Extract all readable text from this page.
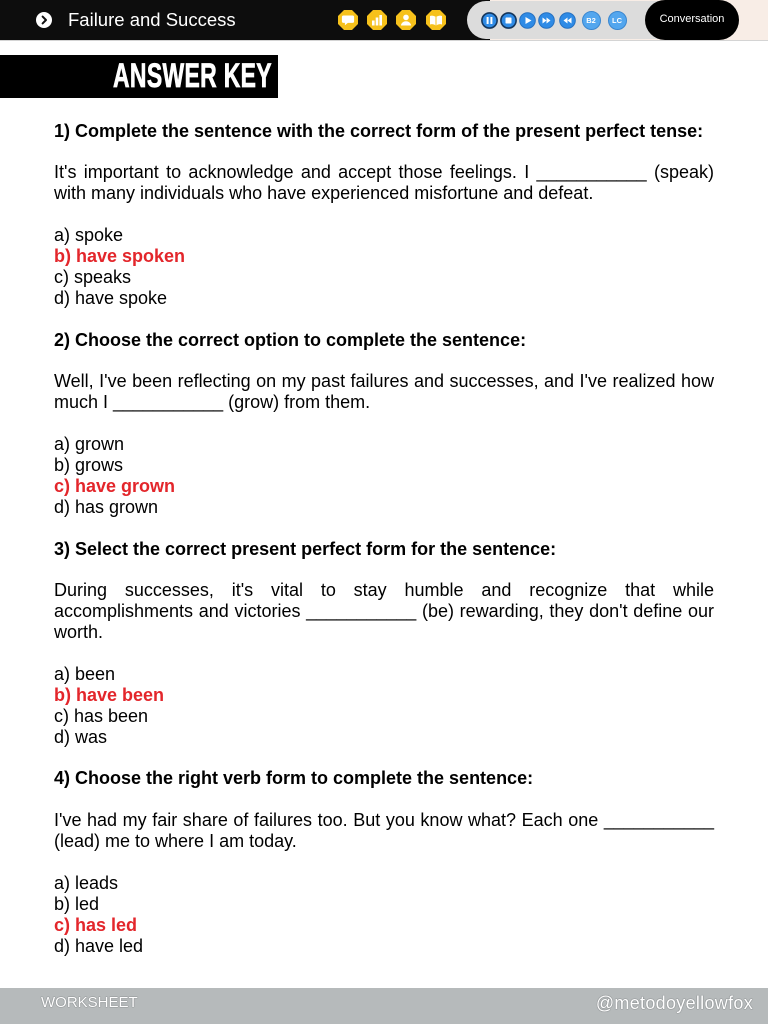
Failure and Success	B2	LC	Conversation
ANSWER KEY

1) Complete the sentence with the correct form of the present perfect tense:

It's important to acknowledge and accept those feelings. I ___________ (speak) with many individuals who have experienced misfortune and defeat.

a) spoke
b) have spoken
c) speaks
d) have spoke

2) Choose the correct option to complete the sentence:

Well, I've been reflecting on my past failures and successes, and I've realized how much I ___________ (grow) from them.

a) grown
b) grows
c) have grown
d) has grown

3) Select the correct present perfect form for the sentence:

During successes, it's vital to stay humble and recognize that while accomplishments and victories ___________ (be) rewarding, they don't define our worth.

a) been
b) have been
c) has been
d) was

4) Choose the right verb form to complete the sentence:

I've had my fair share of failures too. But you know what? Each one ___________ (lead) me to where I am today.

a) leads
b) led
c) has led
d) have led
WORKSHEET	@metodoyellowfox
